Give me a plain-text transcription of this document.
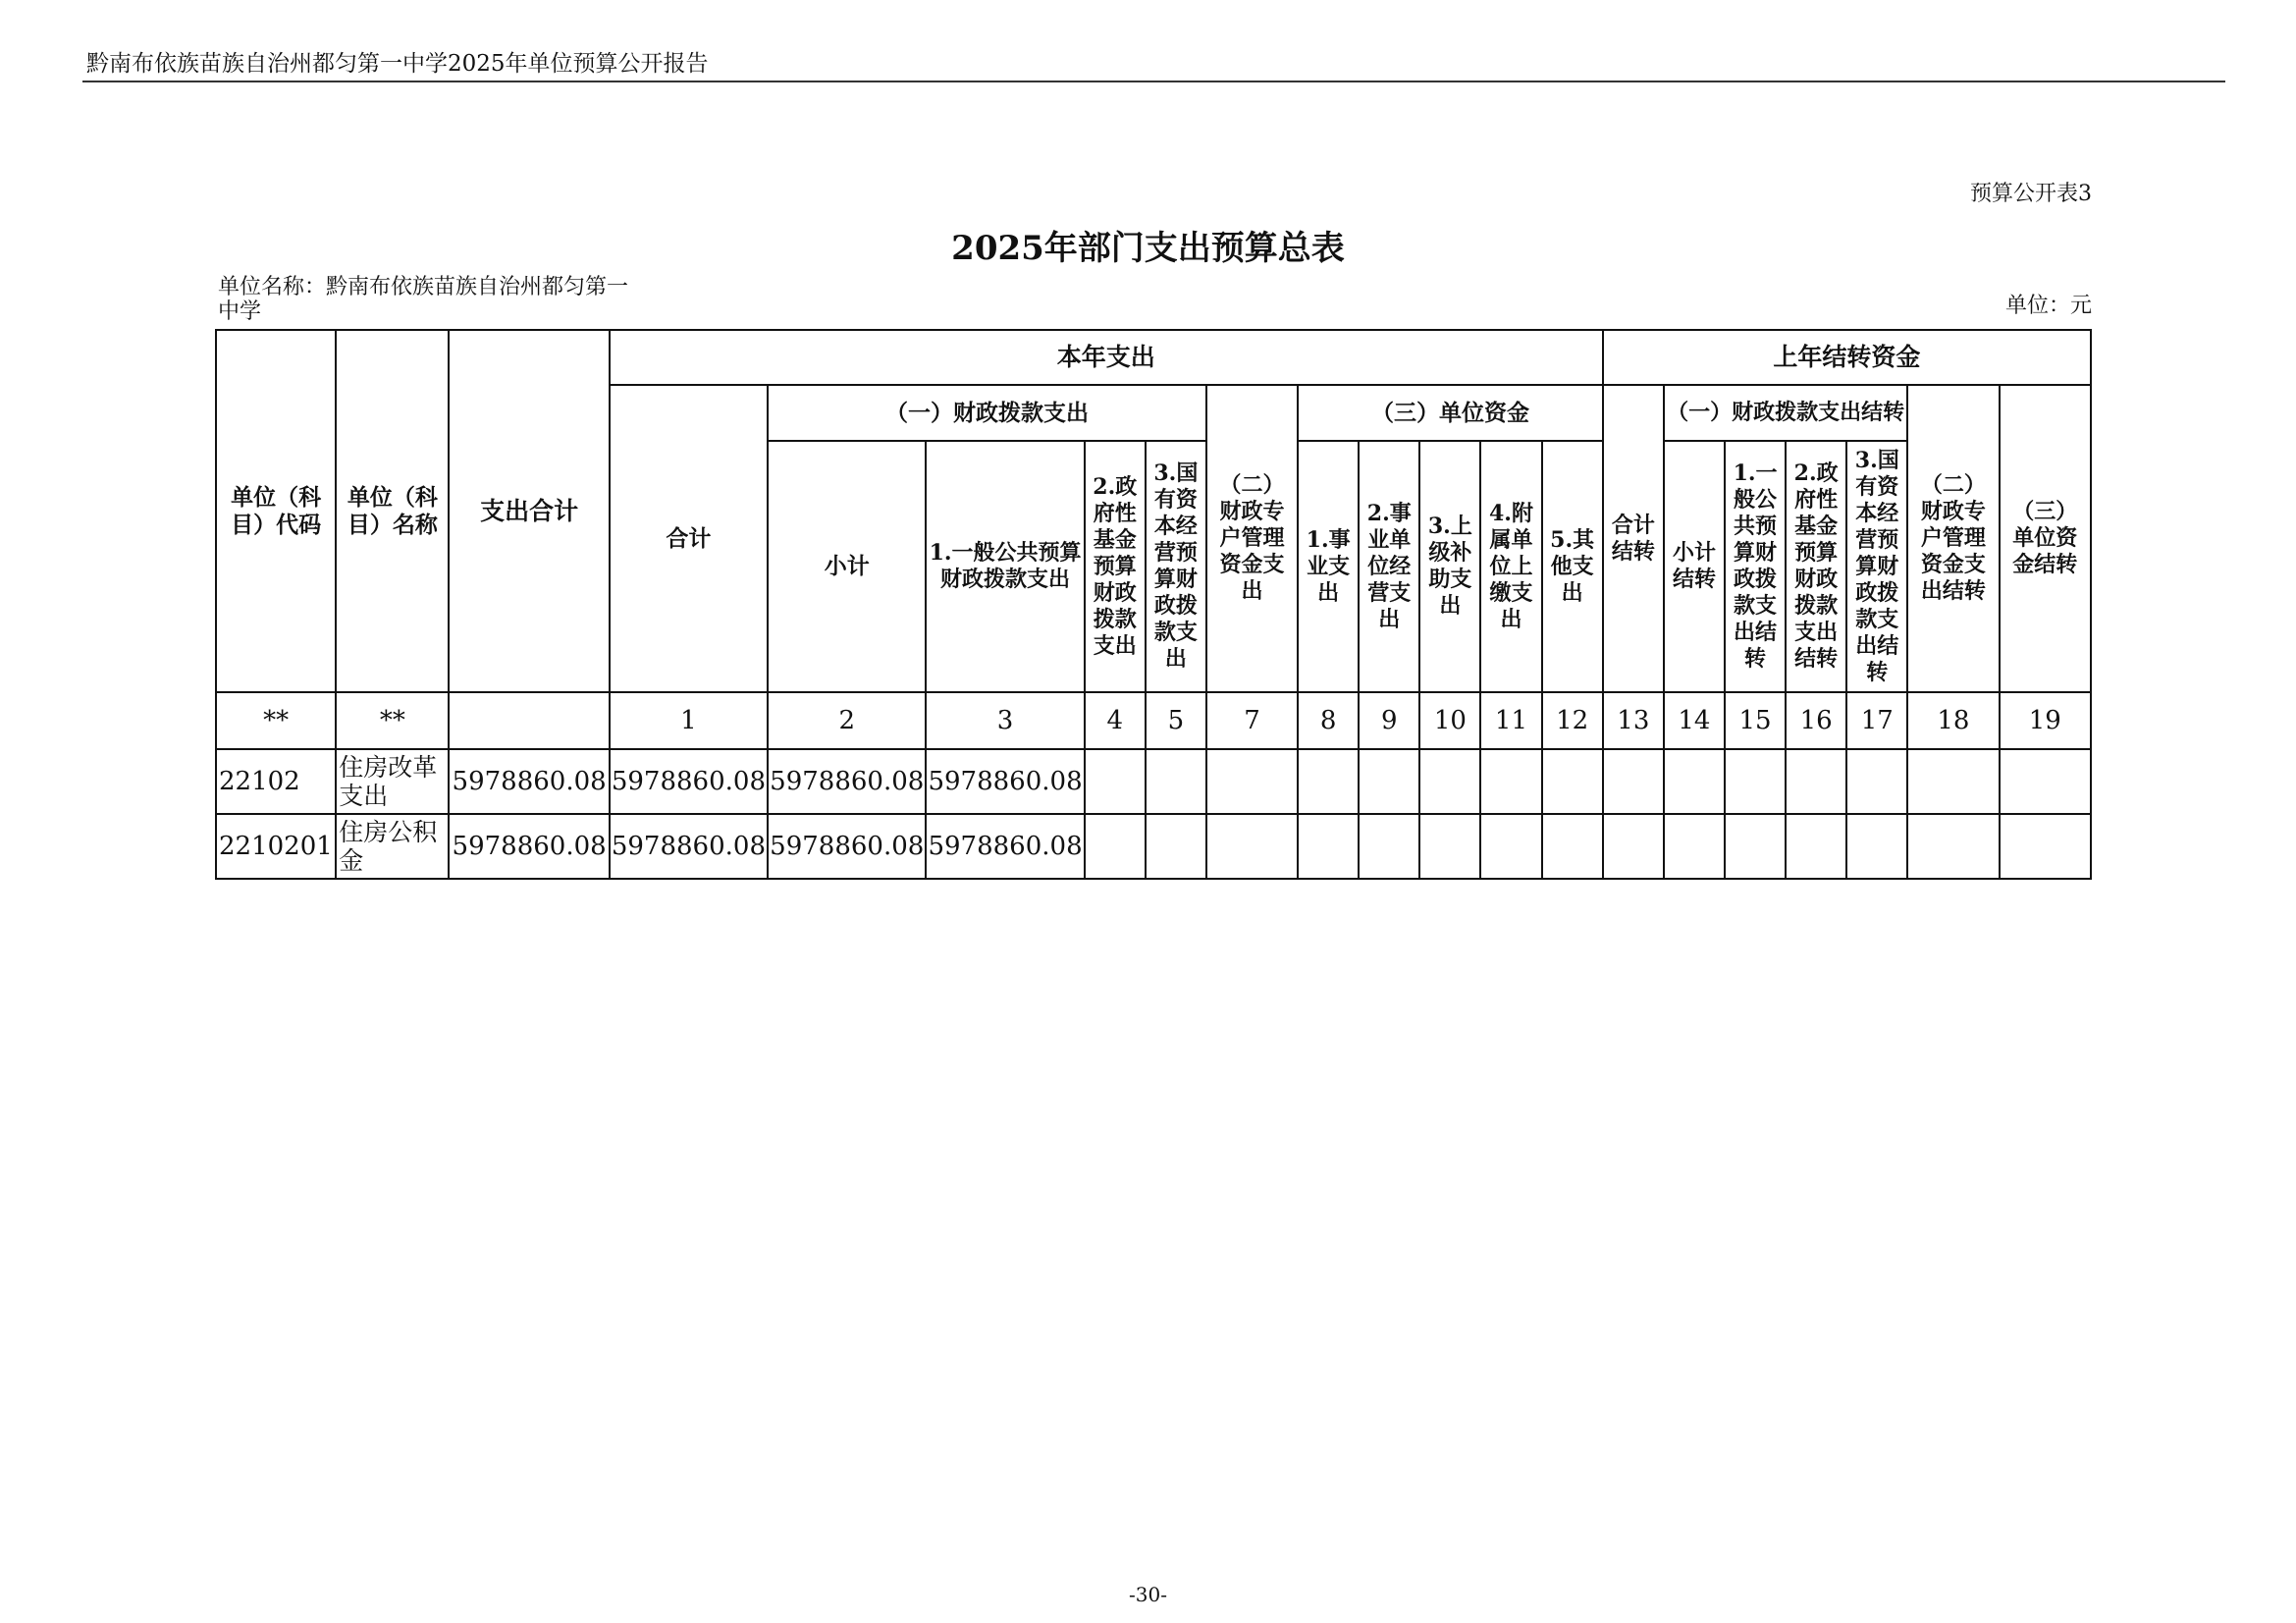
黔南布依族苗族自治州都匀第一中学2025年单位预算公开报告
预算公开表3
2025年部门支出预算总表
单位名称：黔南布依族苗族自治州都匀第一中学	单位：元
单位（科目）代码	单位（科目）名称	支出合计	本年支出											上年结转资金						
			合计	（一）财政拨款支出				（二）财政专户管理资金支出	（三）单位资金					合计结转	（一）财政拨款支出结转				（二）财政专户管理资金支出结转	（三）单位资金结转
				小计	1.一般公共预算财政拨款支出	2.政府性基金预算财政拨款支出	3.国有资本经营预算财政拨款支出		1.事业支出	2.事业单位经营支出	3.上级补助支出	4.附属单位上缴支出	5.其他支出		小计结转	1.一般公共预算财政拨款支出结转	2.政府性基金预算财政拨款支出结转	3.国有资本经营预算财政拨款支出结转		
**	**		1	2	3	4	5	7	8	9	10	11	12	13	14	15	16	17	18	19
22102	住房改革支出	5978860.08	5978860.08	5978860.08	5978860.08															
2210201	住房公积金	5978860.08	5978860.08	5978860.08	5978860.08															
-30-
